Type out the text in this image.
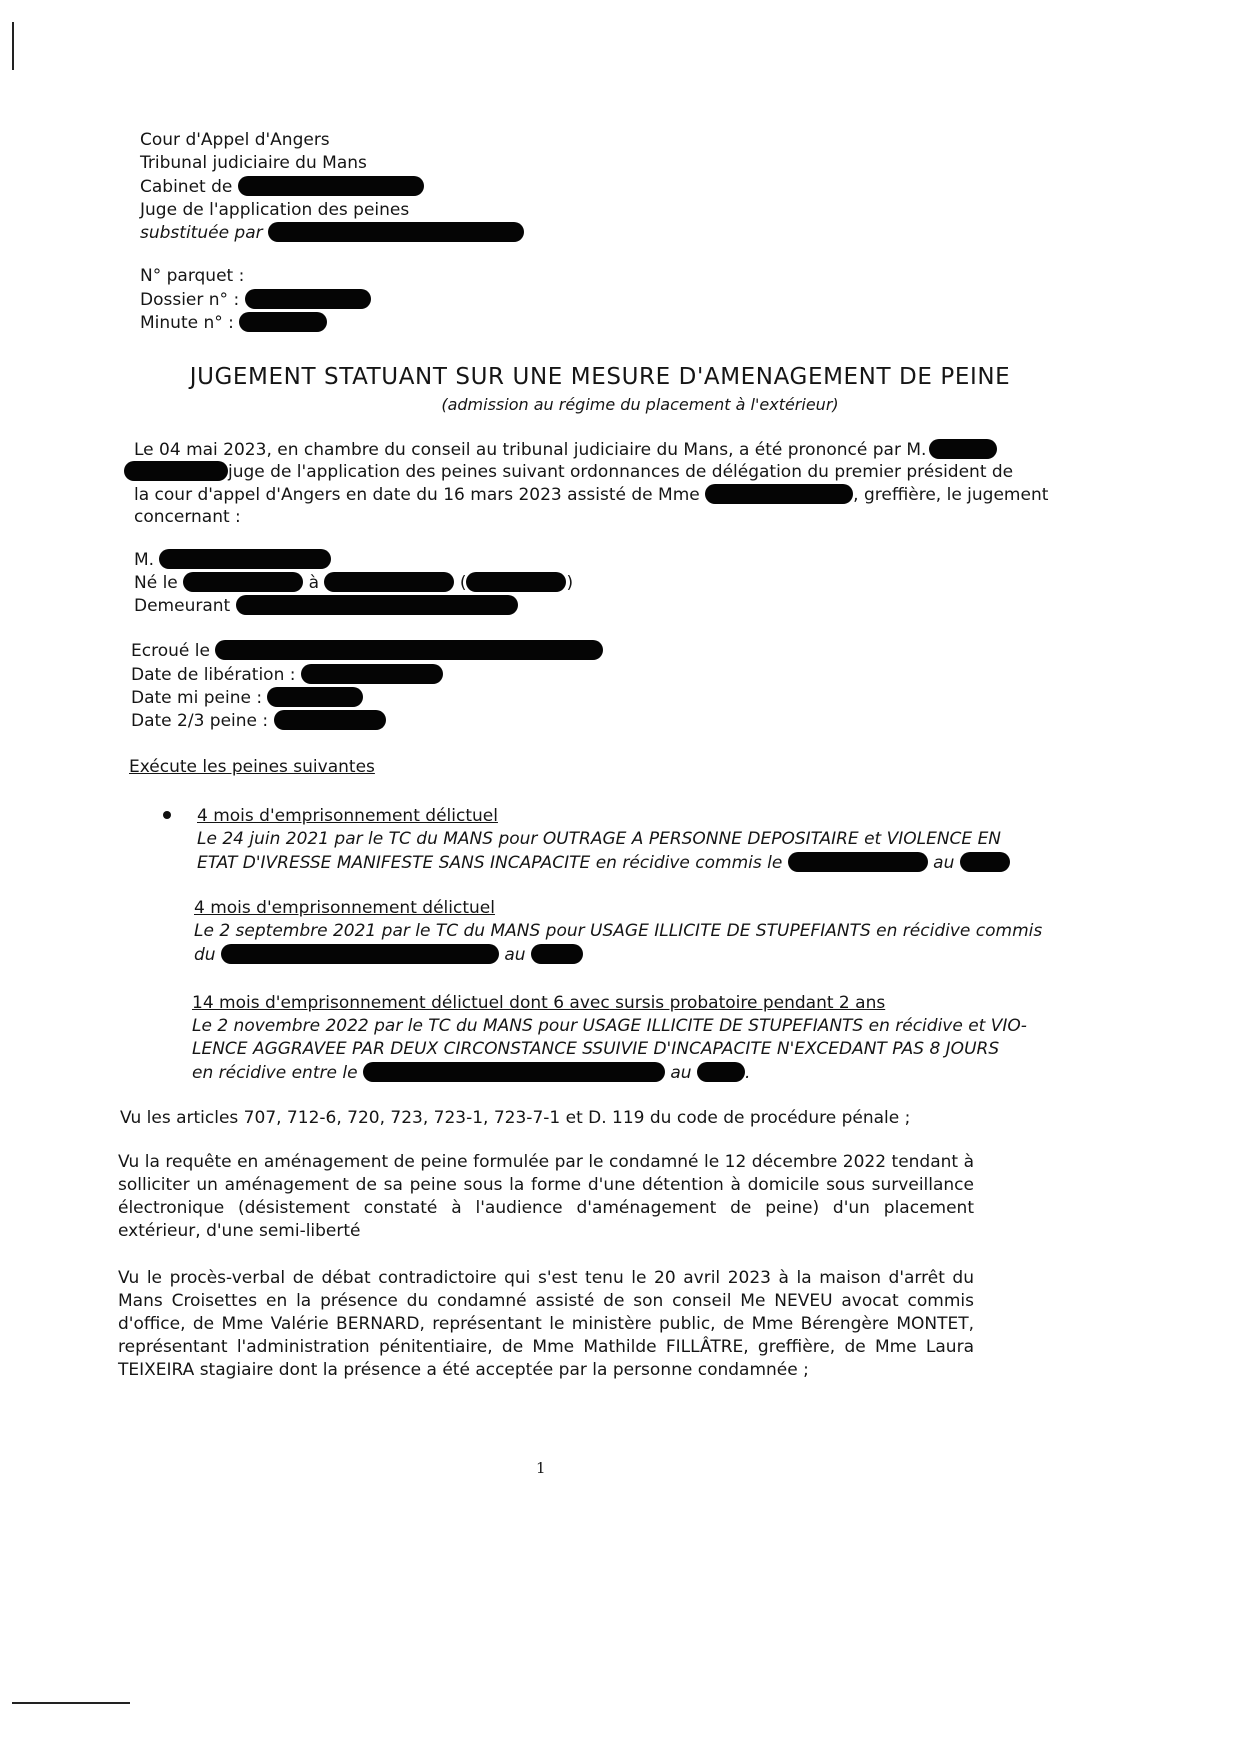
Cour d'Appel d'Angers
Tribunal judiciaire du Mans
Cabinet de
Juge de l'application des peines
substituée par
N° parquet :
Dossier n° :
Minute n° :
JUGEMENT STATUANT SUR UNE MESURE D'AMENAGEMENT DE PEINE
(admission au régime du placement à l'extérieur)
Le 04 mai 2023, en chambre du conseil au tribunal judiciaire du Mans, a été prononcé par M.
juge de l'application des peines suivant ordonnances de délégation du premier président de
la cour d'appel d'Angers en date du 16 mars 2023 assisté de Mme	, greffière, le jugement
concernant :
M.
Né le	à	(	)
Demeurant
Ecroué le
Date de libération :
Date mi peine :
Date 2/3 peine :
Exécute les peines suivantes
4 mois d'emprisonnement délictuel
Le 24 juin 2021 par le TC du MANS pour OUTRAGE A PERSONNE DEPOSITAIRE et VIOLENCE EN
ETAT D'IVRESSE MANIFESTE SANS INCAPACITE en récidive commis le	au
4 mois d'emprisonnement délictuel
Le 2 septembre 2021 par le TC du MANS pour USAGE ILLICITE DE STUPEFIANTS en récidive commis
du	au
14 mois d'emprisonnement délictuel dont 6 avec sursis probatoire pendant 2 ans
Le 2 novembre 2022 par le TC du MANS pour USAGE ILLICITE DE STUPEFIANTS en récidive et VIO-
LENCE AGGRAVEE PAR DEUX CIRCONSTANCE SSUIVIE D'INCAPACITE N'EXCEDANT PAS 8 JOURS
en récidive entre le	au	.
Vu les articles 707, 712-6, 720, 723, 723-1, 723-7-1 et D. 119 du code de procédure pénale ;
Vu la requête en aménagement de peine formulée par le condamné le 12 décembre 2022 tendant à solliciter un aménagement de sa peine sous la forme d'une détention à domicile sous surveillance électronique (désistement constaté à l'audience d'aménagement de peine) d'un placement extérieur, d'une semi-liberté
Vu le procès-verbal de débat contradictoire qui s'est tenu le 20 avril 2023 à la maison d'arrêt du Mans Croisettes en la présence du condamné assisté de son conseil Me NEVEU avocat commis d'office, de Mme Valérie BERNARD, représentant le ministère public, de Mme Bérengère MONTET, représentant l'administration pénitentiaire, de Mme Mathilde FILLÂTRE, greffière, de Mme Laura TEIXEIRA stagiaire dont la présence a été acceptée par la personne condamnée ;
1
